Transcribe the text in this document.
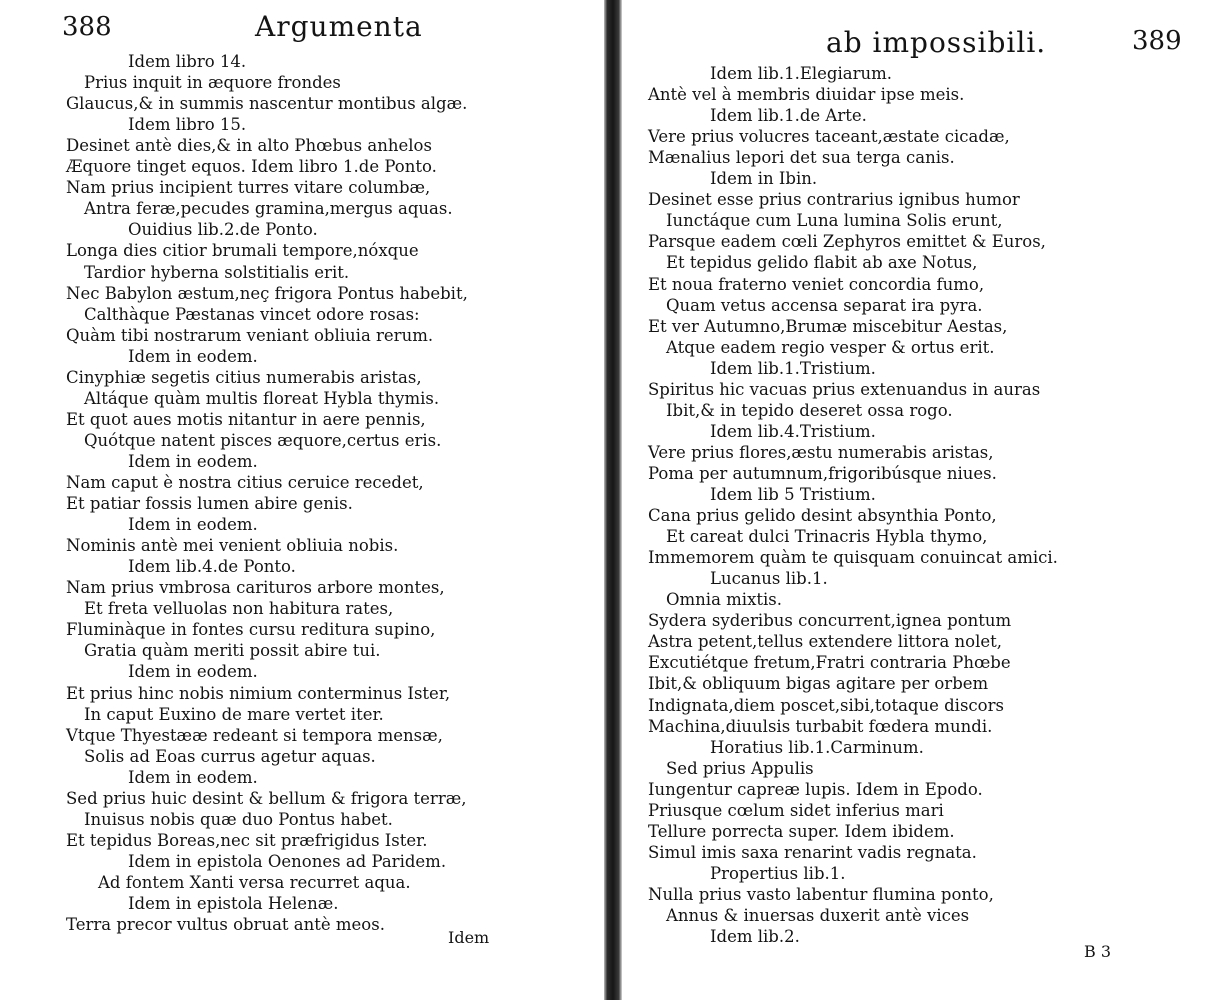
388	Argumenta
Idem libro 14.
Prius inquit in æquore frondes
Glaucus,& in summis nascentur montibus algæ.
Idem libro 15.
Desinet antè dies,& in alto Phœbus anhelos
Æquore tinget equos. Idem libro 1.de Ponto.
Nam prius incipient turres vitare columbæ,
Antra feræ,pecudes gramina,mergus aquas.
Ouidius lib.2.de Ponto.
Longa dies citior brumali tempore,nóxque
Tardior hyberna solstitialis erit.
Nec Babylon æstum,neç frigora Pontus habebit,
Calthàque Pæstanas vincet odore rosas:
Quàm tibi nostrarum veniant obliuia rerum.
Idem in eodem.
Cinyphiæ segetis citius numerabis aristas,
Altáque quàm multis floreat Hybla thymis.
Et quot aues motis nitantur in aere pennis,
Quótque natent pisces æquore,certus eris.
Idem in eodem.
Nam caput è nostra citius ceruice recedet,
Et patiar fossis lumen abire genis.
Idem in eodem.
Nominis antè mei venient obliuia nobis.
Idem lib.4.de Ponto.
Nam prius vmbrosa carituros arbore montes,
Et freta velluolas non habitura rates,
Fluminàque in fontes cursu reditura supino,
Gratia quàm meriti possit abire tui.
Idem in eodem.
Et prius hinc nobis nimium conterminus Ister,
In caput Euxino de mare vertet iter.
Vtque Thyestææ redeant si tempora mensæ,
Solis ad Eoas currus agetur aquas.
Idem in eodem.
Sed prius huic desint & bellum & frigora terræ,
Inuisus nobis quæ duo Pontus habet.
Et tepidus Boreas,nec sit præfrigidus Ister.
Idem in epistola Oenones ad Paridem.
Ad fontem Xanti versa recurret aqua.
Idem in epistola Helenæ.
Terra precor vultus obruat antè meos.
Idem
ab impossibili.	389
Idem lib.1.Elegiarum.
Antè vel à membris diuidar ipse meis.
Idem lib.1.de Arte.
Vere prius volucres taceant,æstate cicadæ,
Mænalius lepori det sua terga canis.
Idem in Ibin.
Desinet esse prius contrarius ignibus humor
Iunctáque cum Luna lumina Solis erunt,
Parsque eadem cœli Zephyros emittet & Euros,
Et tepidus gelido flabit ab axe Notus,
Et noua fraterno veniet concordia fumo,
Quam vetus accensa separat ira pyra.
Et ver Autumno,Brumæ miscebitur Aestas,
Atque eadem regio vesper & ortus erit.
Idem lib.1.Tristium.
Spiritus hic vacuas prius extenuandus in auras
Ibit,& in tepido deseret ossa rogo.
Idem lib.4.Tristium.
Vere prius flores,æstu numerabis aristas,
Poma per autumnum,frigoribúsque niues.
Idem lib 5 Tristium.
Cana prius gelido desint absynthia Ponto,
Et careat dulci Trinacris Hybla thymo,
Immemorem quàm te quisquam conuincat amici.
Lucanus lib.1.
Omnia mixtis.
Sydera syderibus concurrent,ignea pontum
Astra petent,tellus extendere littora nolet,
Excutiétque fretum,Fratri contraria Phœbe
Ibit,& obliquum bigas agitare per orbem
Indignata,diem poscet,sibi,totaque discors
Machina,diuulsis turbabit fœdera mundi.
Horatius lib.1.Carminum.
Sed prius Appulis
Iungentur capreæ lupis. Idem in Epodo.
Priusque cœlum sidet inferius mari
Tellure porrecta super. Idem ibidem.
Simul imis saxa renarint vadis regnata.
Propertius lib.1.
Nulla prius vasto labentur flumina ponto,
Annus & inuersas duxerit antè vices
Idem lib.2.
B 3
